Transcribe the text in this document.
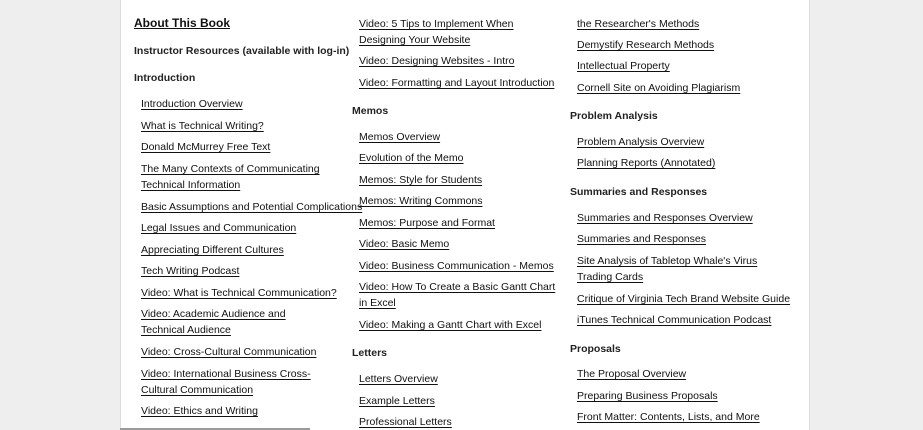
About This Book
Instructor Resources (available with log-in)
Introduction
Introduction Overview
What is Technical Writing?
Donald McMurrey Free Text
The Many Contexts of Communicating Technical Information
Basic Assumptions and Potential Complications
Legal Issues and Communication
Appreciating Different Cultures
Tech Writing Podcast
Video: What is Technical Communication?
Video: Academic Audience and Technical Audience
Video: Cross-Cultural Communication
Video: International Business Cross-Cultural Communication
Video: Ethics and Writing
Video: 5 Tips to Implement When Designing Your Website
Video: Designing Websites - Intro
Video: Formatting and Layout Introduction
Memos
Memos Overview
Evolution of the Memo
Memos: Style for Students
Memos: Writing Commons
Memos: Purpose and Format
Video: Basic Memo
Video: Business Communication - Memos
Video: How To Create a Basic Gantt Chart in Excel
Video: Making a Gantt Chart with Excel
Letters
Letters Overview
Example Letters
Professional Letters
the Researcher's Methods
Demystify Research Methods
Intellectual Property
Cornell Site on Avoiding Plagiarism
Problem Analysis
Problem Analysis Overview
Planning Reports (Annotated)
Summaries and Responses
Summaries and Responses Overview
Summaries and Responses
Site Analysis of Tabletop Whale's Virus Trading Cards
Critique of Virginia Tech Brand Website Guide
iTunes Technical Communication Podcast
Proposals
The Proposal Overview
Preparing Business Proposals
Front Matter: Contents, Lists, and More
